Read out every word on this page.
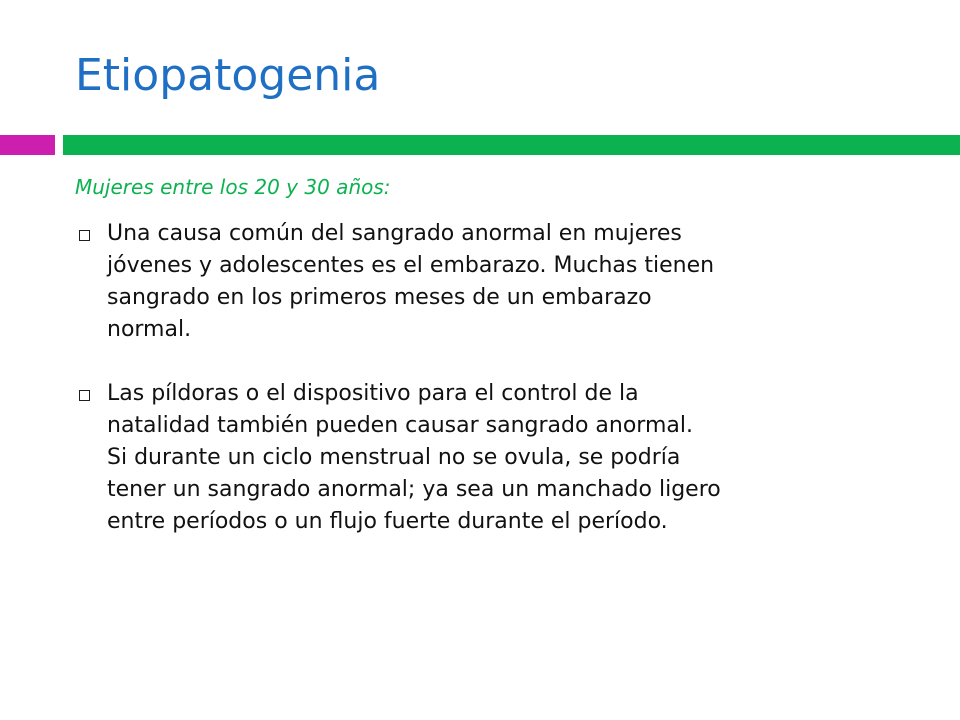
Etiopatogenia

Mujeres entre los 20 y 30 años:

Una causa común del sangrado anormal en mujeres
jóvenes y adolescentes es el embarazo. Muchas tienen
sangrado en los primeros meses de un embarazo
normal.
Las píldoras o el dispositivo para el control de la
natalidad también pueden causar sangrado anormal.
Si durante un ciclo menstrual no se ovula, se podría
tener un sangrado anormal; ya sea un manchado ligero
entre períodos o un flujo fuerte durante el período.
